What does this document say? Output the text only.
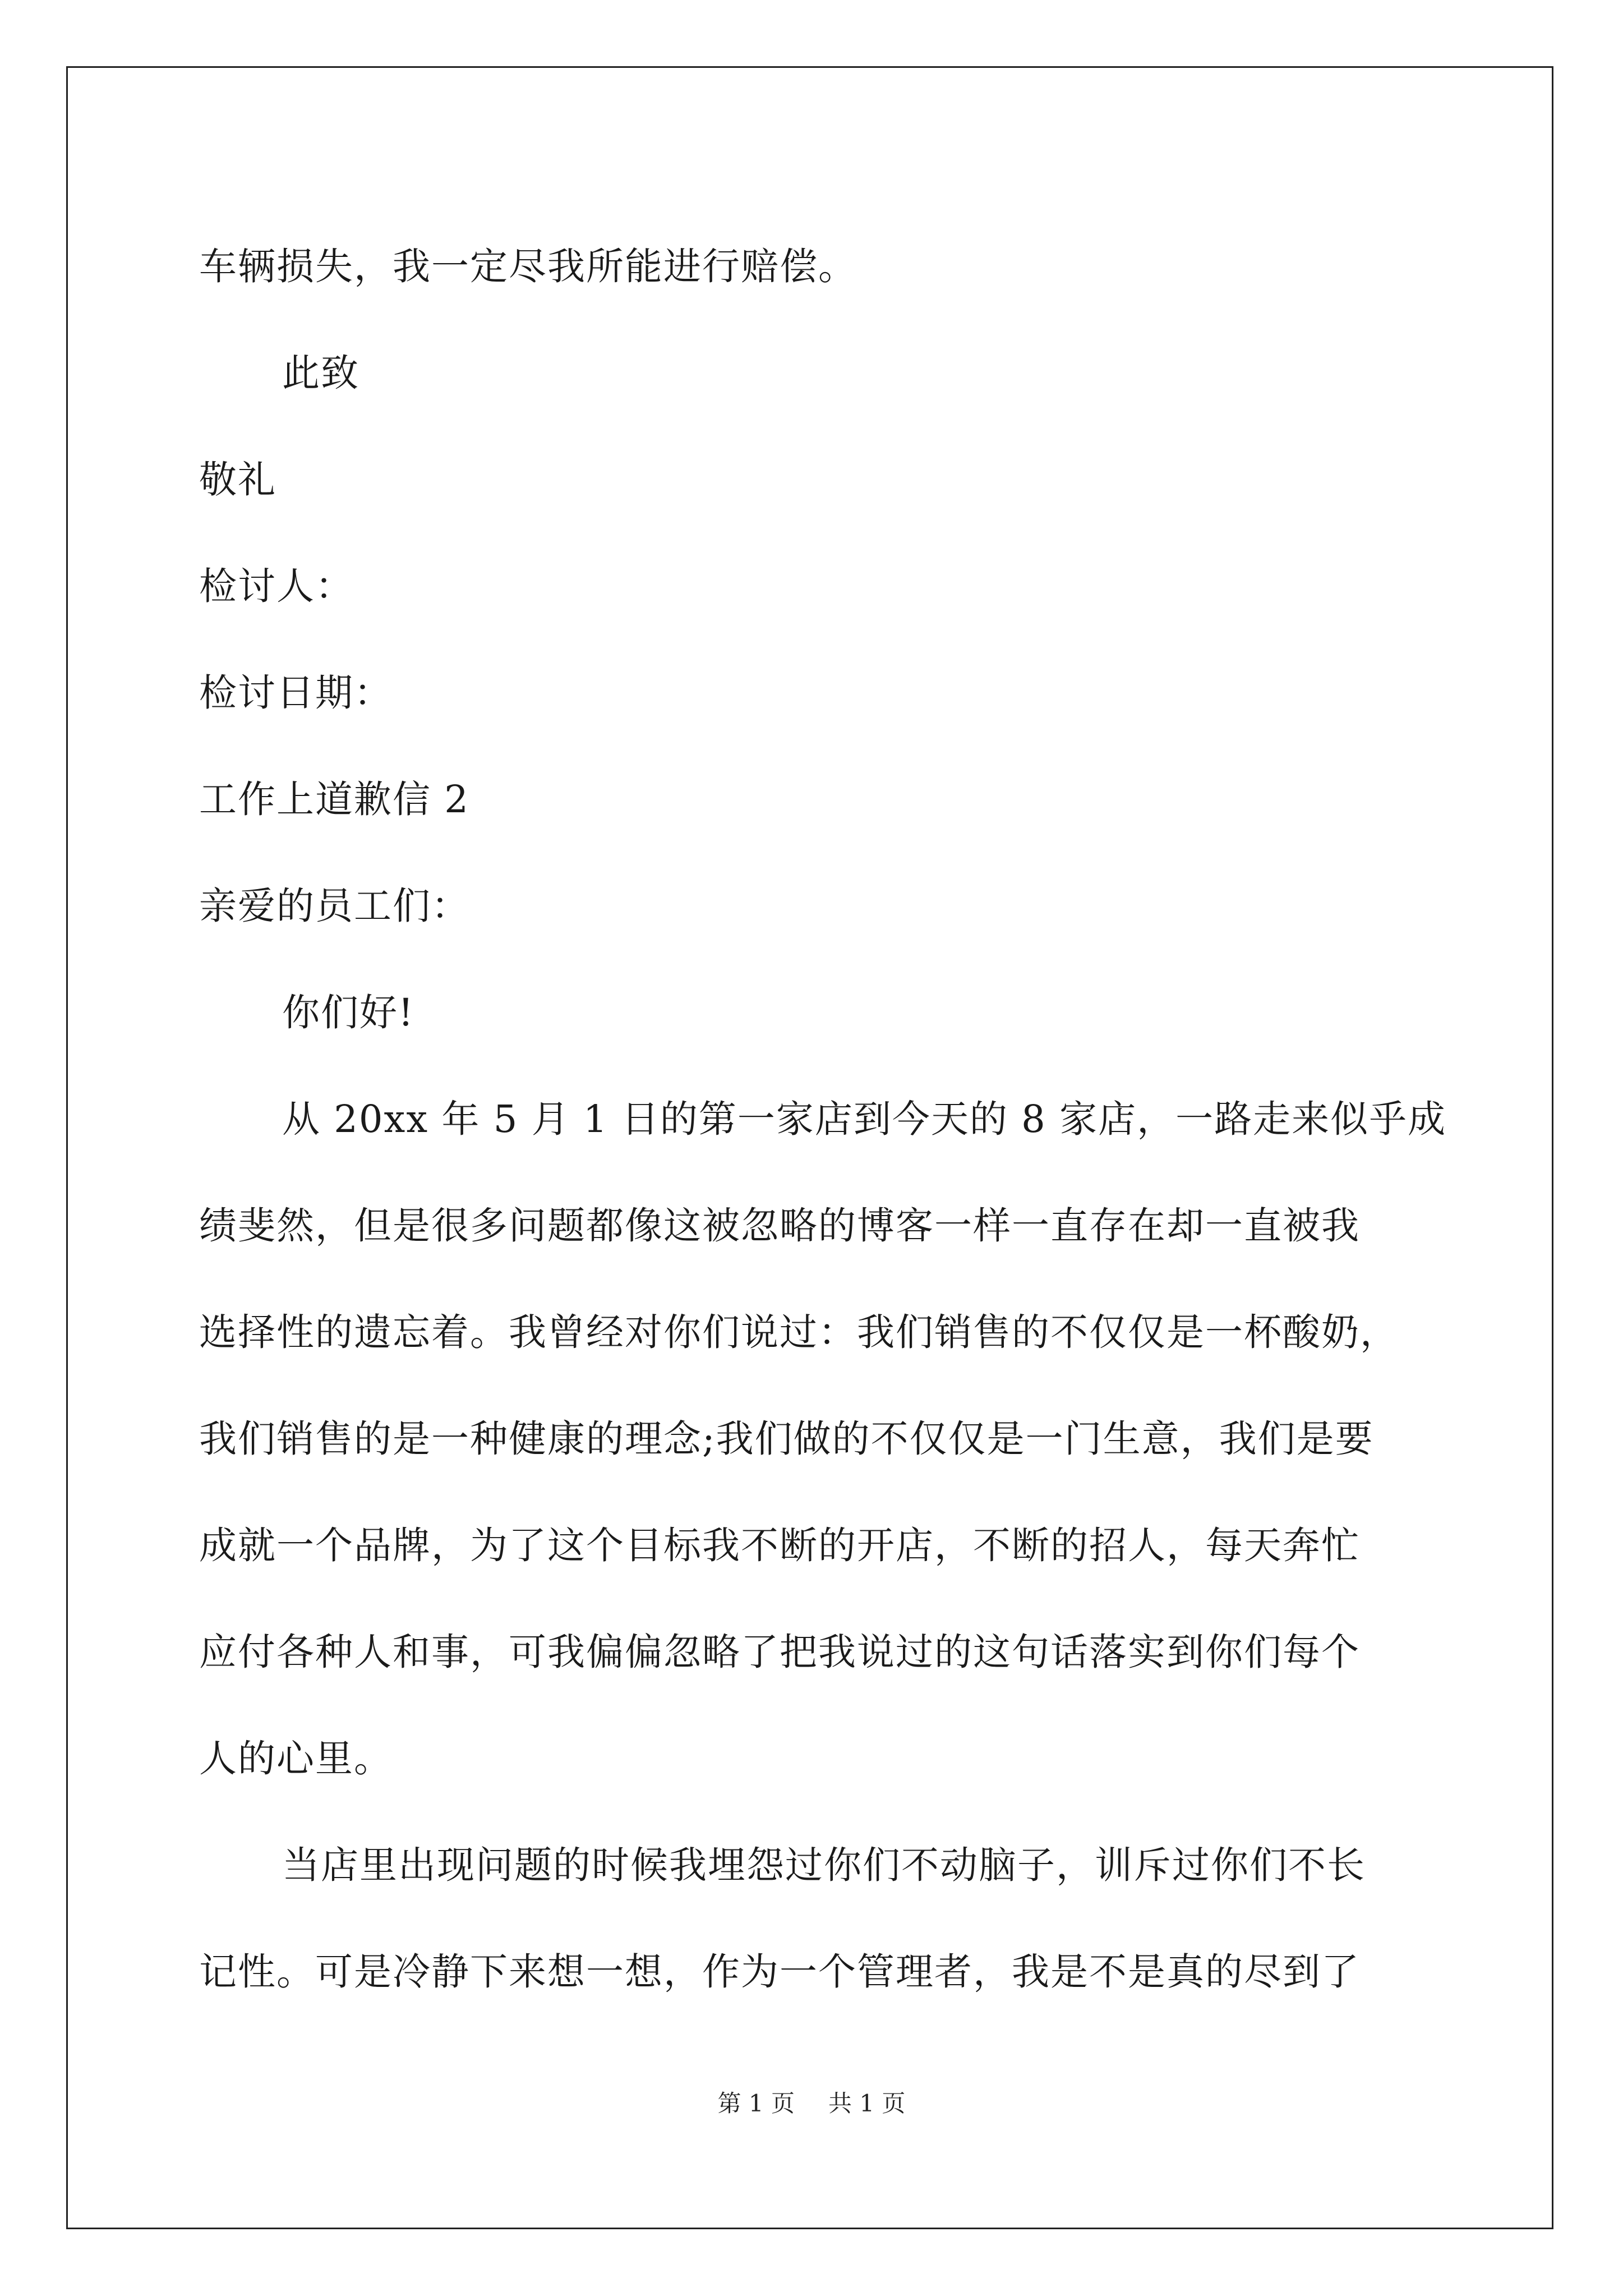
车辆损失，我一定尽我所能进行赔偿。
此致
敬礼
检讨人：
检讨日期：
工作上道歉信 2
亲爱的员工们：
你们好!
从 20xx 年 5 月 1 日的第一家店到今天的 8 家店，一路走来似乎成
绩斐然，但是很多问题都像这被忽略的博客一样一直存在却一直被我
选择性的遗忘着。我曾经对你们说过：我们销售的不仅仅是一杯酸奶，
我们销售的是一种健康的理念;我们做的不仅仅是一门生意，我们是要
成就一个品牌，为了这个目标我不断的开店，不断的招人，每天奔忙
应付各种人和事，可我偏偏忽略了把我说过的这句话落实到你们每个
人的心里。
当店里出现问题的时候我埋怨过你们不动脑子，训斥过你们不长
记性。可是冷静下来想一想，作为一个管理者，我是不是真的尽到了
第 1 页 共 1 页
